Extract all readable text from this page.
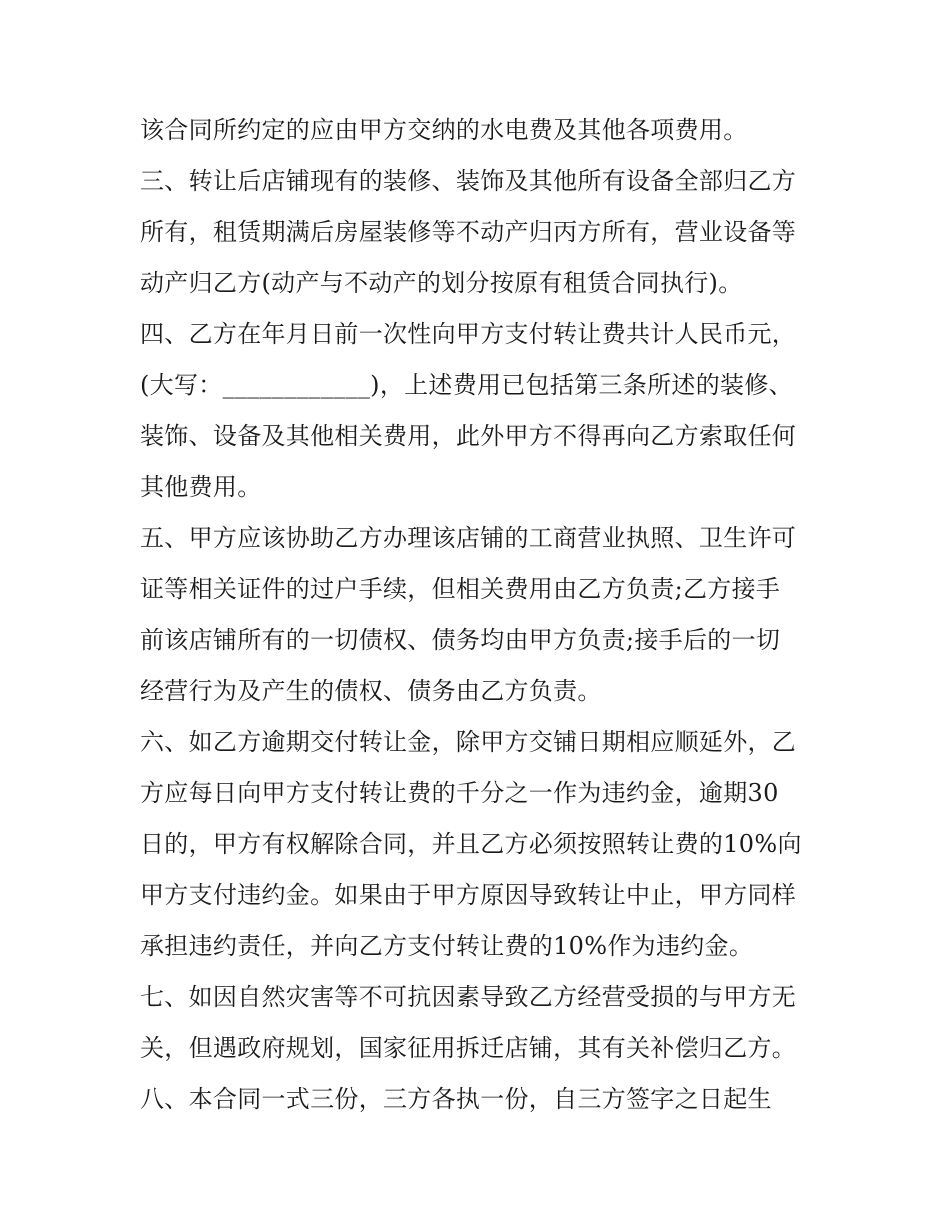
该合同所约定的应由甲方交纳的水电费及其他各项费用。
三、转让后店铺现有的装修、装饰及其他所有设备全部归乙方
所有，租赁期满后房屋装修等不动产归丙方所有，营业设备等
动产归乙方(动产与不动产的划分按原有租赁合同执行)。
四、乙方在年月日前一次性向甲方支付转让费共计人民币元，
(大写：____________)，上述费用已包括第三条所述的装修、
装饰、设备及其他相关费用，此外甲方不得再向乙方索取任何
其他费用。
五、甲方应该协助乙方办理该店铺的工商营业执照、卫生许可
证等相关证件的过户手续，但相关费用由乙方负责;乙方接手
前该店铺所有的一切债权、债务均由甲方负责;接手后的一切
经营行为及产生的债权、债务由乙方负责。
六、如乙方逾期交付转让金，除甲方交铺日期相应顺延外，乙
方应每日向甲方支付转让费的千分之一作为违约金，逾期30
日的，甲方有权解除合同，并且乙方必须按照转让费的10%向
甲方支付违约金。如果由于甲方原因导致转让中止，甲方同样
承担违约责任，并向乙方支付转让费的10%作为违约金。
七、如因自然灾害等不可抗因素导致乙方经营受损的与甲方无
关，但遇政府规划，国家征用拆迁店铺，其有关补偿归乙方。
八、本合同一式三份，三方各执一份，自三方签字之日起生
